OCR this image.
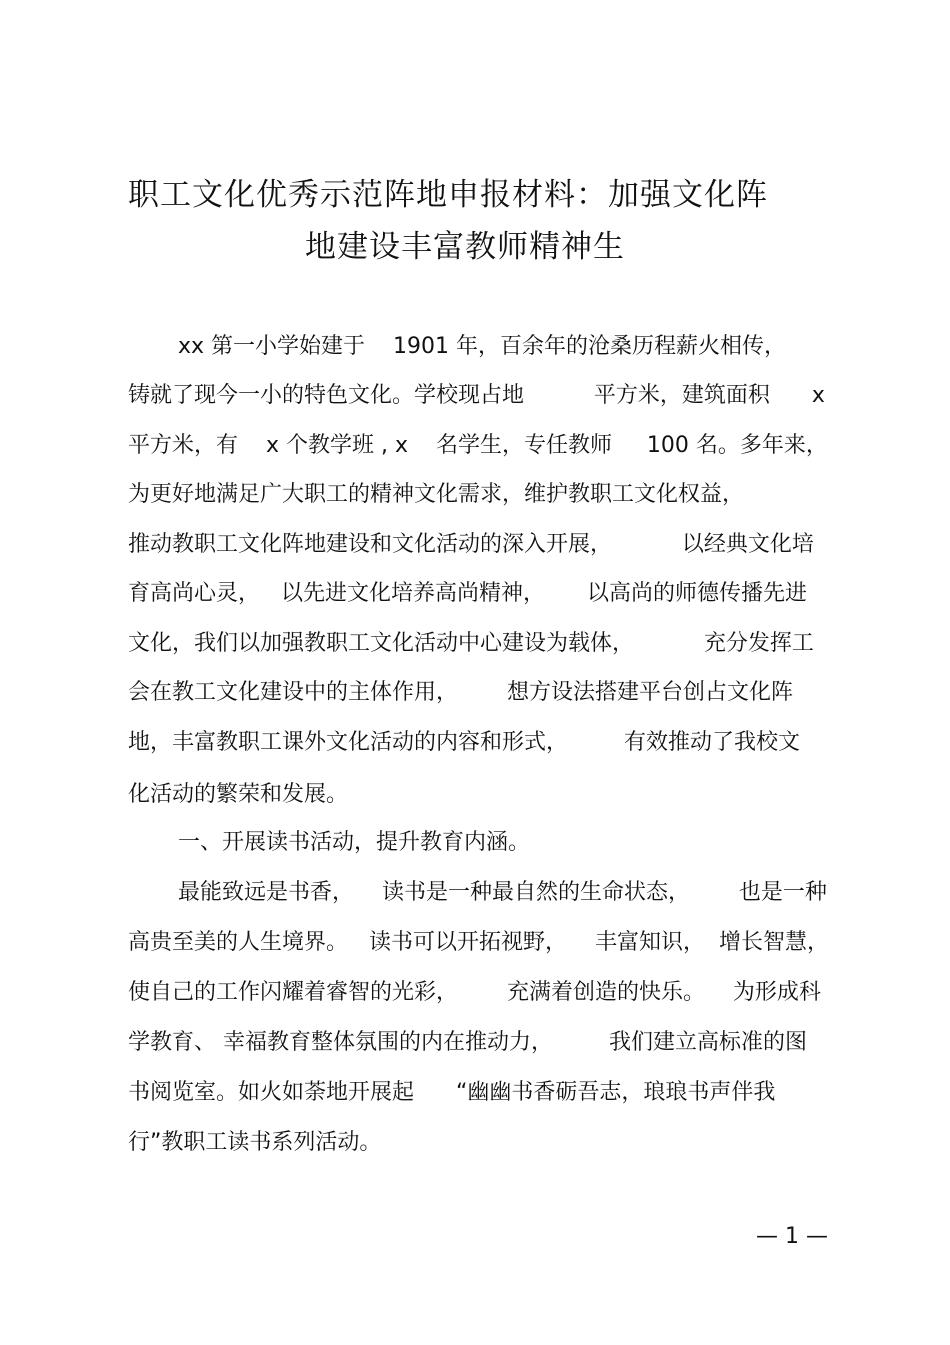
职工文化优秀示范阵地申报材料：加强文化阵
地建设丰富教师精神生
xx 第一小学始建于    1901 年，百余年的沧桑历程薪火相传，
铸就了现今一小的特色文化。学校现占地          平方米，建筑面积      x
平方米，有    x 个教学班 , x    名学生，专任教师     100 名。多年来，
为更好地满足广大职工的精神文化需求，维护教职工文化权益，
推动教职工文化阵地建设和文化活动的深入开展，          以经典文化培
育高尚心灵，   以先进文化培养高尚精神，      以高尚的师德传播先进
文化，我们以加强教职工文化活动中心建设为载体，          充分发挥工
会在教工文化建设中的主体作用，       想方设法搭建平台创占文化阵
地，丰富教职工课外文化活动的内容和形式，        有效推动了我校文
化活动的繁荣和发展。
一、开展读书活动，提升教育内涵。
最能致远是书香，    读书是一种最自然的生命状态，       也是一种
高贵至美的人生境界。   读书可以开拓视野，    丰富知识，  增长智慧，
使自己的工作闪耀着睿智的光彩，       充满着创造的快乐。    为形成科
学教育、 幸福教育整体氛围的内在推动力，        我们建立高标准的图
书阅览室。如火如荼地开展起      “幽幽书香砺吾志，琅琅书声伴我
行”教职工读书系列活动。
— 1 —
